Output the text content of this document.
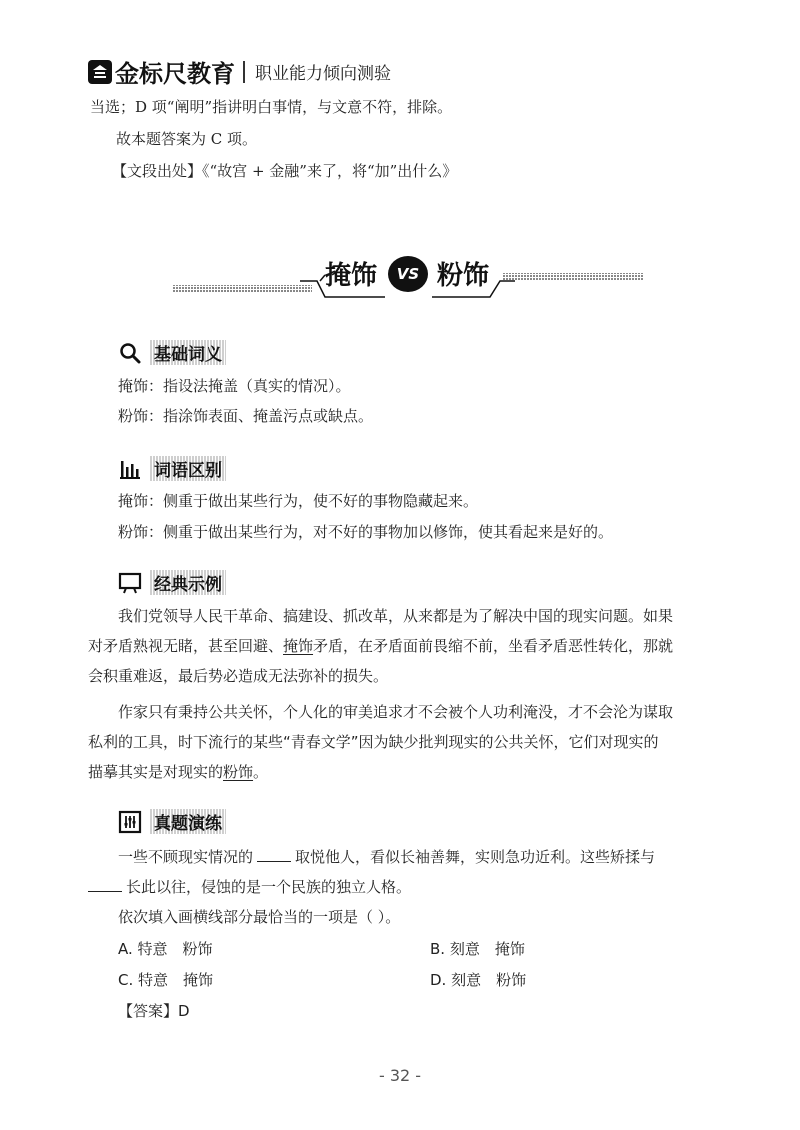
金标尺教育 职业能力倾向测验
当选；D 项“阐明”指讲明白事情，与文意不符，排除。
故本题答案为 C 项。
【文段出处】《“故宫 + 金融”来了，将“加”出什么》
掩饰	VS 粉饰
基础词义
掩饰：指设法掩盖（真实的情况）。
粉饰：指涂饰表面、掩盖污点或缺点。
词语区别
掩饰：侧重于做出某些行为，使不好的事物隐藏起来。
粉饰：侧重于做出某些行为，对不好的事物加以修饰，使其看起来是好的。
经典示例
我们党领导人民干革命、搞建设、抓改革，从来都是为了解决中国的现实问题。如果
对矛盾熟视无睹，甚至回避、掩饰矛盾，在矛盾面前畏缩不前，坐看矛盾恶性转化，那就
会积重难返，最后势必造成无法弥补的损失。
作家只有秉持公共关怀，个人化的审美追求才不会被个人功利淹没，才不会沦为谋取
私利的工具，时下流行的某些“青春文学”因为缺少批判现实的公共关怀，它们对现实的
描摹其实是对现实的粉饰。
真题演练
一些不顾现实情况的	取悦他人，看似长袖善舞，实则急功近利。这些矫揉与
长此以往，侵蚀的是一个民族的独立人格。
依次填入画横线部分最恰当的一项是（ ）。
A. 特意　粉饰	B. 刻意　掩饰
C. 特意　掩饰	D. 刻意　粉饰
【答案】D
- 32 -
